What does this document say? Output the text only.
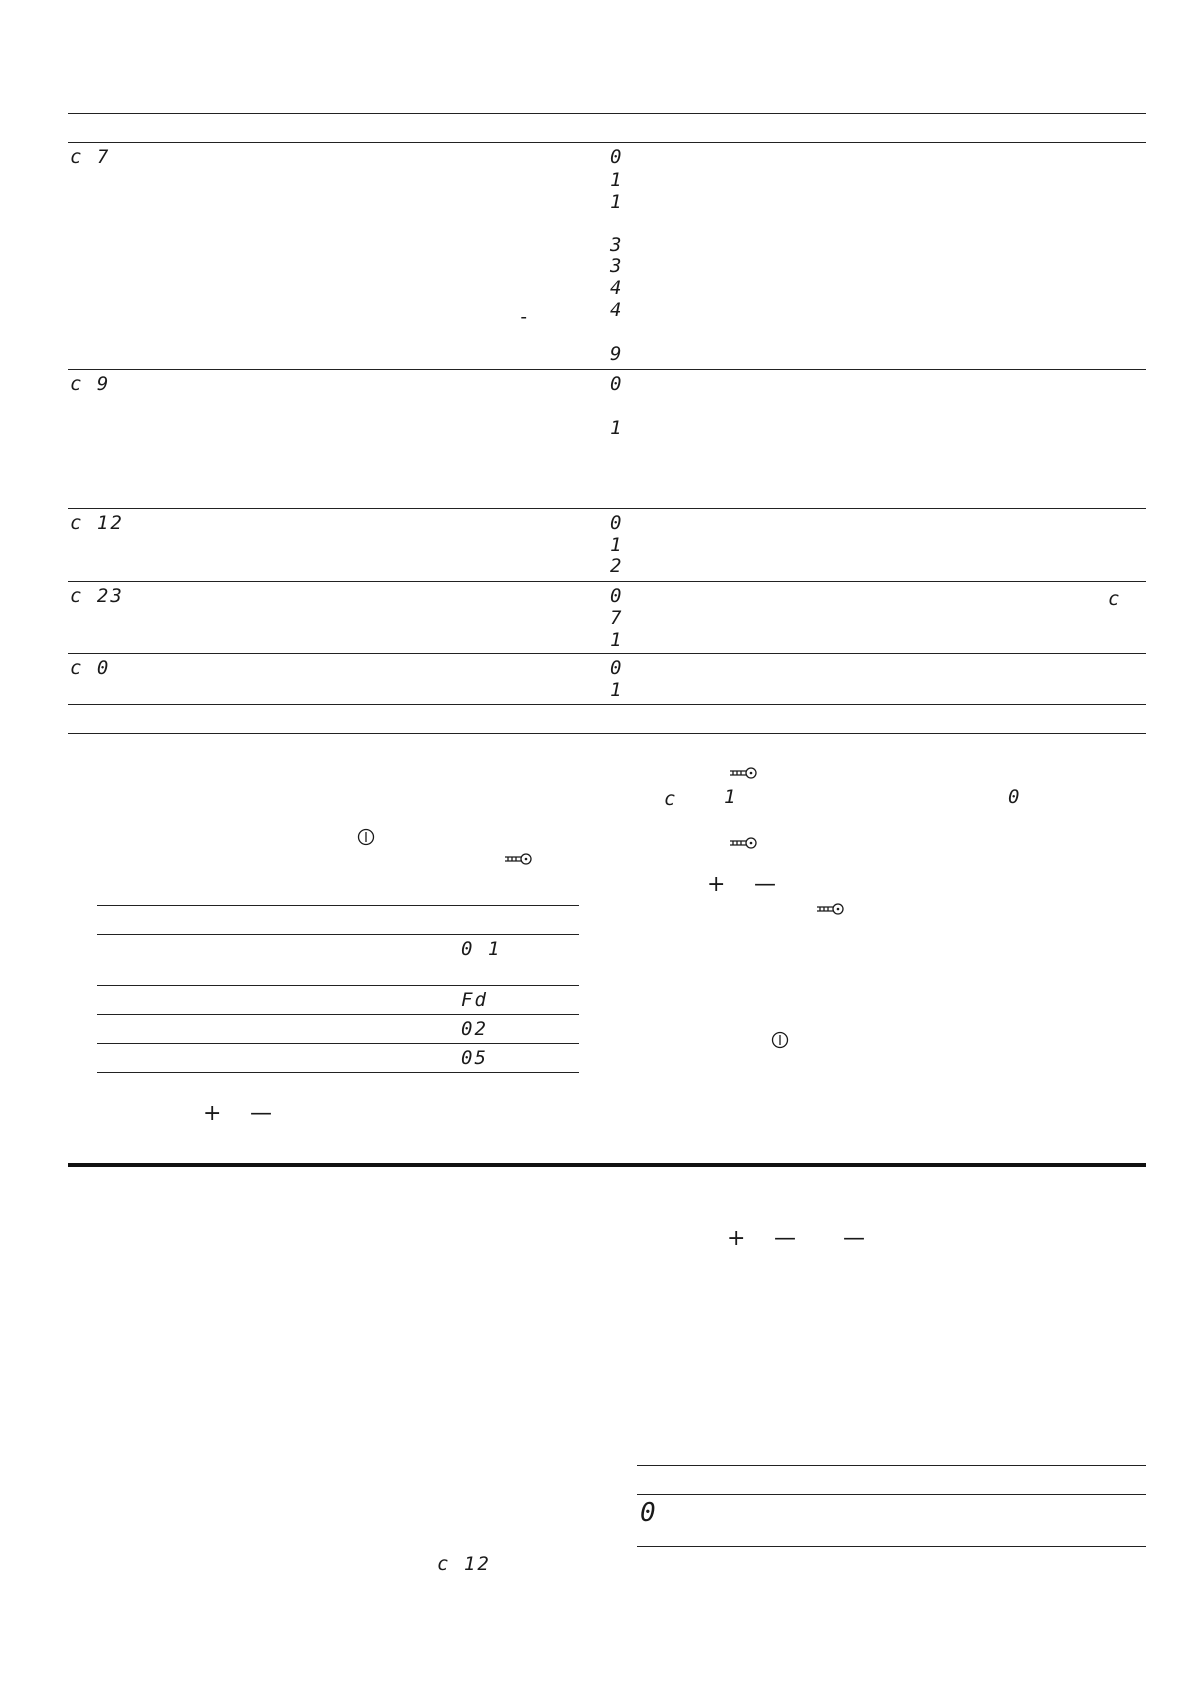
c 7	0
1
1
3
3
4
4
9
-
c 9	0
1
c 12	0
1
2
c 23	0
7
1
c
c 0	0
1
0 1
Fd
02
05
+ —
c 1	0
+ —
+ — —
c 12
0
